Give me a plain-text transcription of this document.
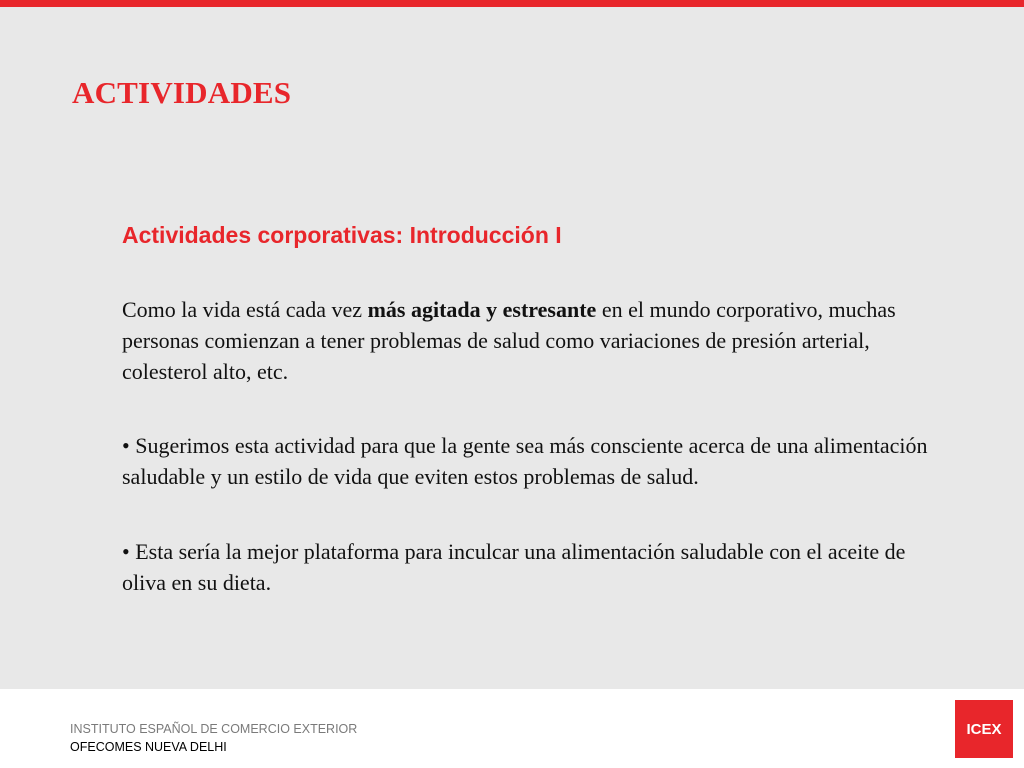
ACTIVIDADES
Actividades corporativas: Introducción I

Como la vida está cada vez más agitada y estresante en el mundo corporativo, muchas personas comienzan a tener problemas de salud como variaciones de presión arterial, colesterol alto, etc.

• Sugerimos esta actividad para que la gente sea más consciente acerca de una alimentación saludable y un estilo de vida que eviten estos problemas de salud.

• Esta sería la mejor plataforma para inculcar una alimentación saludable con el aceite de oliva en su dieta.

INSTITUTO ESPAÑOL DE COMERCIO EXTERIOR

OFECOMES NUEVA DELHI

ICEX
